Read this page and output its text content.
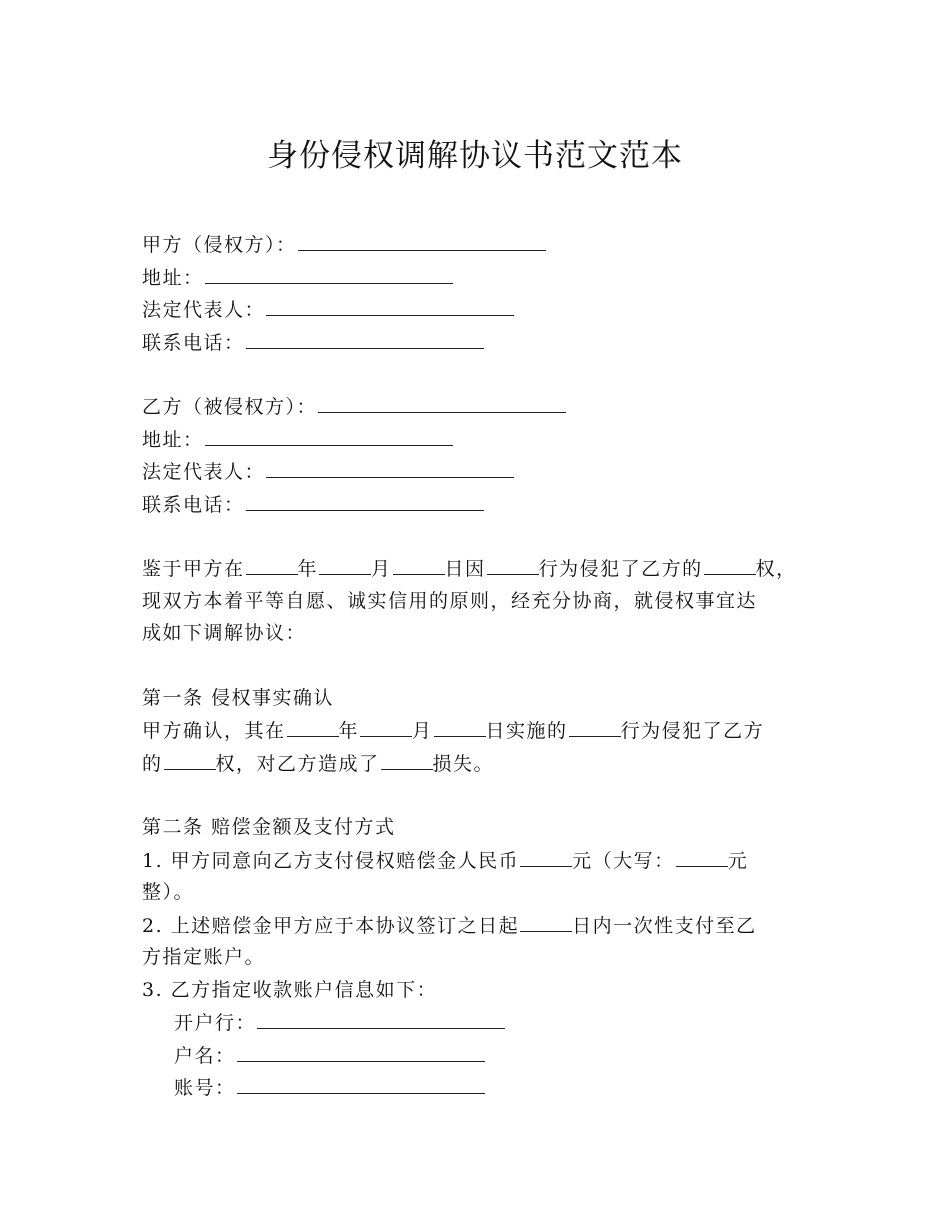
身份侵权调解协议书范文范本
甲方（侵权方）：
地址：
法定代表人：
联系电话：
乙方（被侵权方）：
地址：
法定代表人：
联系电话：
鉴于甲方在	年	月	日因	行为侵犯了乙方的	权，
现双方本着平等自愿、诚实信用的原则，经充分协商，就侵权事宜达
成如下调解协议：
第一条 侵权事实确认
甲方确认，其在	年	月	日实施的	行为侵犯了乙方
的	权，对乙方造成了	损失。
第二条 赔偿金额及支付方式
1. 甲方同意向乙方支付侵权赔偿金人民币	元（大写：	元
整）。
2. 上述赔偿金甲方应于本协议签订之日起	日内一次性支付至乙
方指定账户。
3. 乙方指定收款账户信息如下：
开户行：
户名：
账号：
